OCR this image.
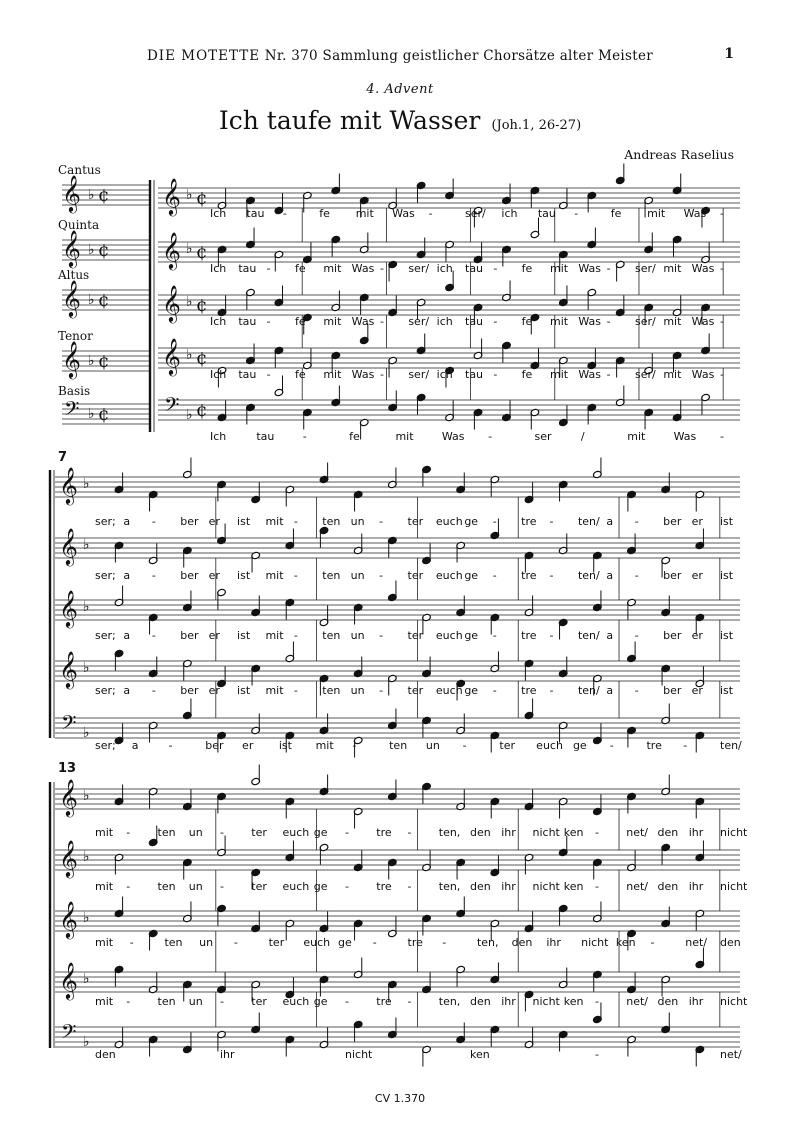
DIE MOTETTE Nr. 370 Sammlung geistlicher Chorsätze alter Meister	1
4. Advent
Ich taufe mit Wasser (Joh.1, 26-27)
Andreas Raselius
Cantus
Quinta
Altus
Tenor
Basis
7
13
𝄞 ♭ ¢
𝄞 ♭ ¢
𝄞 ♭ ¢
𝄞 ♭ ¢
𝄢 ♭ ¢
𝄞 ♭ ¢
𝄞 ♭ ¢
𝄞 ♭ ¢
𝄞 ♭ ¢
𝄢 ♭ ¢
𝄞 ♭
𝄞 ♭
𝄞 ♭
𝄞 ♭
𝄢 ♭
𝄞 ♭
𝄞 ♭
𝄞 ♭
𝄞 ♭
𝄢 ♭
Ich tau -	fe mit Was -	ser/ ich tau -	fe mit Was -
Ich tau - fe mit Was - ser/ ich tau - fe mit Was - ser/ mit Was -
Ich tau - fe mit Was - ser/ ich tau - fe mit Was - ser/ mit Was -
Ich tau - fe mit Was - ser/ ich tau - fe mit Was - ser/ mit Was -
Ich	tau	-	fe	mit	Was -	ser	/	mit	Was -
ser; a - ber er ist mit - ten un - ter euch ge - tre - ten/ a - ber er ist
ser; a - ber er ist mit - ten un - ter euch ge - tre - ten/ a - ber er ist
ser; a - ber er ist mit - ten un - ter euch ge - tre - ten/ a - ber er ist
ser; a - ber er ist mit - ten un - ter euch ge - tre - ten/ a - ber er ist
ser; a	-	ber er ist mit -	ten un -	ter euch ge -	tre -	ten/
mit - ten un - ter euch ge - tre - ten, den ihr nicht ken - net/ den ihr nicht
mit - ten un - ter euch ge - tre - ten, den ihr nicht ken - net/ den ihr nicht
mit -	ten un -	ter euch ge -	tre -	ten, den ihr nicht ken -	net/ den
mit - ten un - ter euch ge - tre - ten, den ihr nicht ken - net/ den ihr nicht
den	ihr	nicht	ken	-	net/
CV 1.370
